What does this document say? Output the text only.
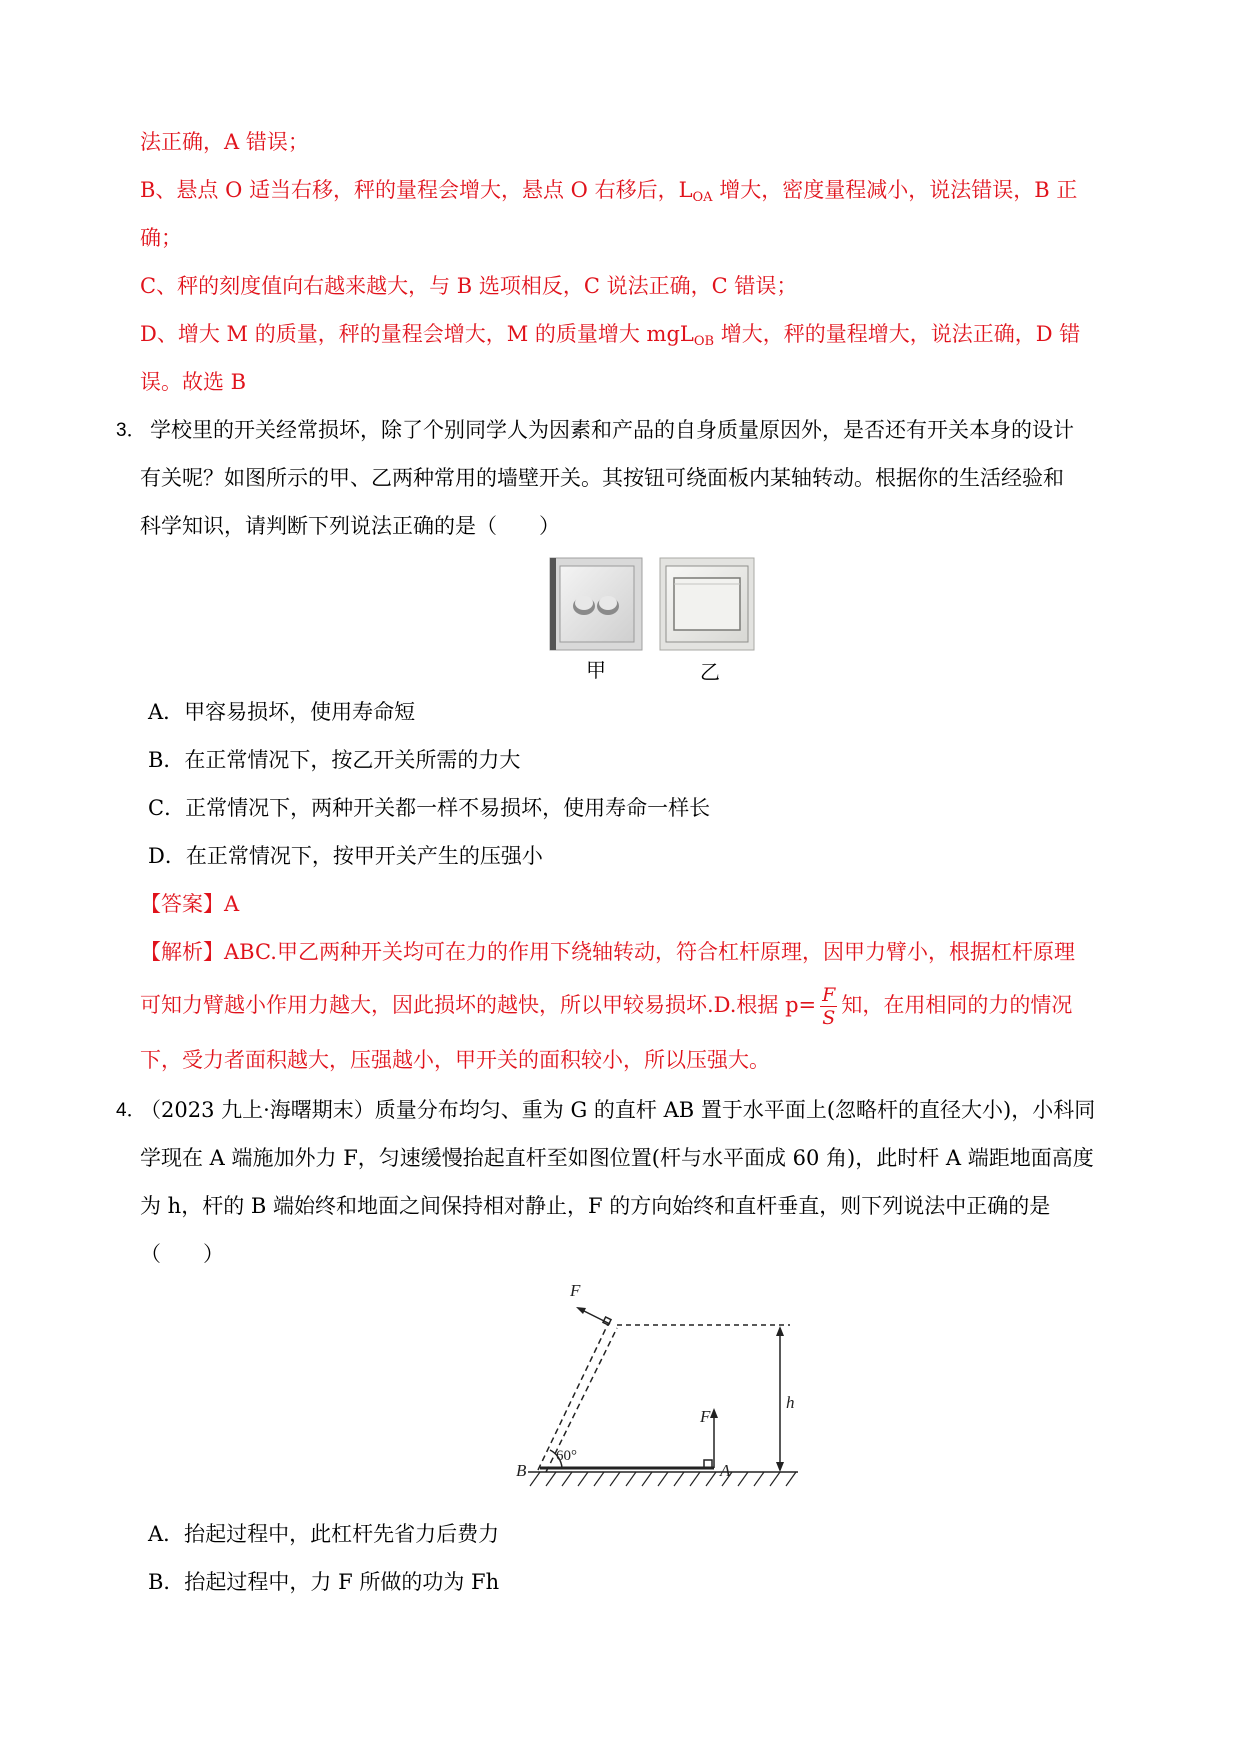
法正确，A 错误；
B、悬点 O 适当右移，秤的量程会增大，悬点 O 右移后，$L_{OA}$ 增大，密度量程减小，说法错误，B 正
确；
C、秤的刻度值向右越来越大，与 B 选项相反，C 说法正确，C 错误；
D、增大 M 的质量，秤的量程会增大，M 的质量增大 mgL$_{OB}$ 增大，秤的量程增大，说法正确，D 错
误。故选 B
3． 学校里的开关经常损坏，除了个别同学人为因素和产品的自身质量原因外，是否还有开关本身的设计
有关呢？如图所示的甲、乙两种常用的墙壁开关。其按钮可绕面板内某轴转动。根据你的生活经验和
科学知识，请判断下列说法正确的是（　　）
甲	乙
A．甲容易损坏，使用寿命短
B．在正常情况下，按乙开关所需的力大
C．正常情况下，两种开关都一样不易损坏，使用寿命一样长
D．在正常情况下，按甲开关产生的压强小
【答案】A
【解析】ABC.甲乙两种开关均可在力的作用下绕轴转动，符合杠杆原理，因甲力臂小，根据杠杆原理
可知力臂越小作用力越大，因此损坏的越快，所以甲较易损坏.D.根据 $p= \frac{F}{S}$ 知，在用相同的力的情况
下，受力者面积越大，压强越小，甲开关的面积较小，所以压强大。
4．
（2023 九上·海曙期末）质量分布均匀、重为 G 的直杆 AB 置于水平面上(忽略杆的直径大小)，小科同
学现在 A 端施加外力 F，匀速缓慢抬起直杆至如图位置(杆与水平面成 60 角)，此时杆 A 端距地面高度
为 h，杆的 B 端始终和地面之间保持相对静止，F 的方向始终和直杆垂直，则下列说法中正确的是
（　　）
F
F
h
B	A
60°
A．抬起过程中，此杠杆先省力后费力
B．抬起过程中，力 F 所做的功为 Fh
